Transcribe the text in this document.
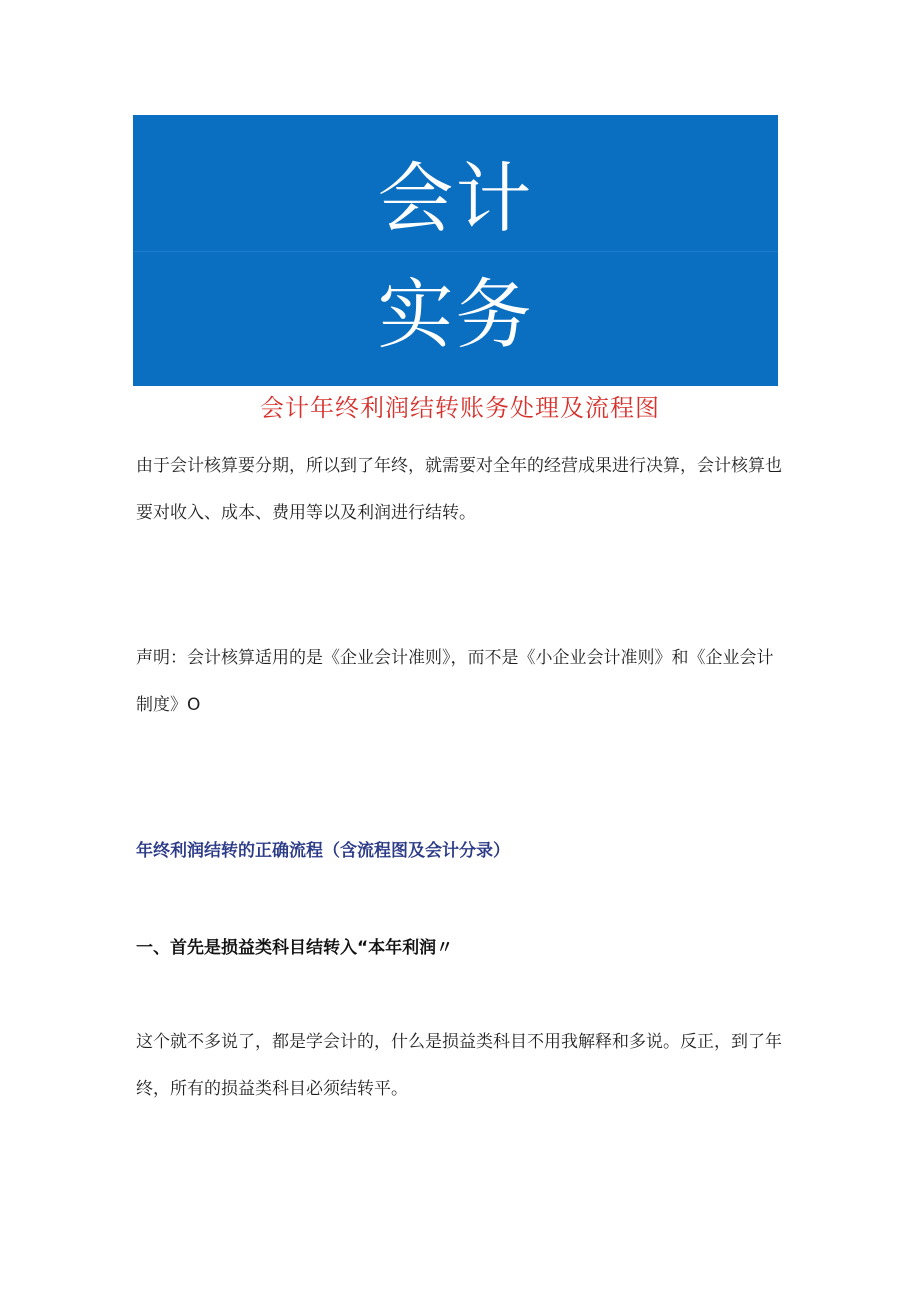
会计
实务
会计年终利润结转账务处理及流程图
由于会计核算要分期，所以到了年终，就需要对全年的经营成果进行决算，会计核算也要对收入、成本、费用等以及利润进行结转。
声明：会计核算适用的是《企业会计准则》，而不是《小企业会计准则》和《企业会计制度》O
年终利润结转的正确流程（含流程图及会计分录）
一、首先是损益类科目结转入“本年利润〃
这个就不多说了，都是学会计的，什么是损益类科目不用我解释和多说。反正，到了年终，所有的损益类科目必须结转平。
